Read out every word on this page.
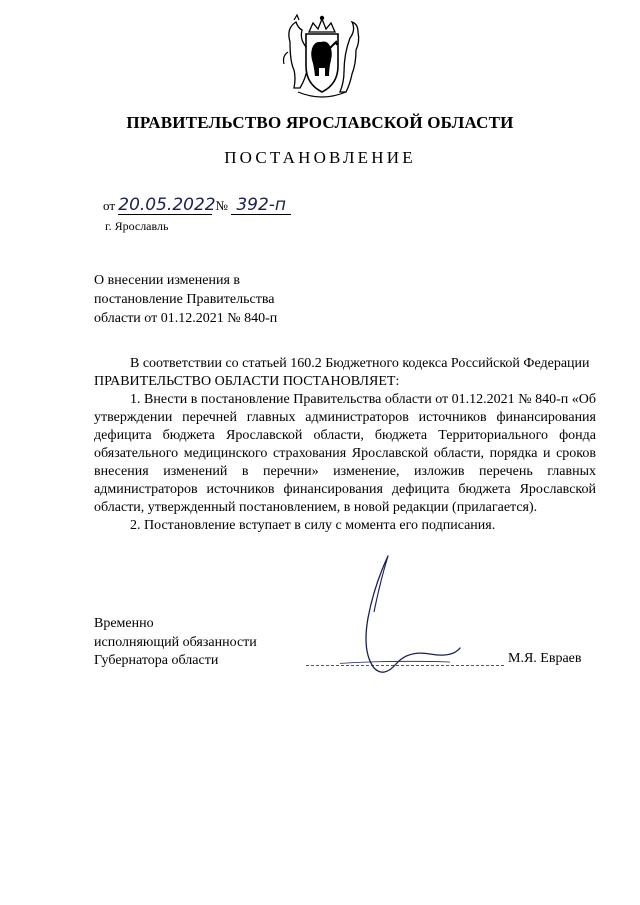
ПРАВИТЕЛЬСТВО ЯРОСЛАВСКОЙ ОБЛАСТИ
ПОСТАНОВЛЕНИЕ
от 20.05.2022 № 392-п
г. Ярославль
О внесении изменения в
постановление Правительства
области от 01.12.2021 № 840-п

В соответствии со статьей 160.2 Бюджетного кодекса Российской Федерации

ПРАВИТЕЛЬСТВО ОБЛАСТИ ПОСТАНОВЛЯЕТ:

1. Внести в постановление Правительства области от 01.12.2021 № 840-п «Об утверждении перечней главных администраторов источников финансирования дефицита бюджета Ярославской области, бюджета Территориального фонда обязательного медицинского страхования Ярославской области, порядка и сроков внесения изменений в перечни» изменение, изложив перечень главных администраторов источников финансирования дефицита бюджета Ярославской области, утвержденный постановлением, в новой редакции (прилагается).

2. Постановление вступает в силу с момента его подписания.

Временно
исполняющий обязанности
Губернатора области	М.Я. Евраев
